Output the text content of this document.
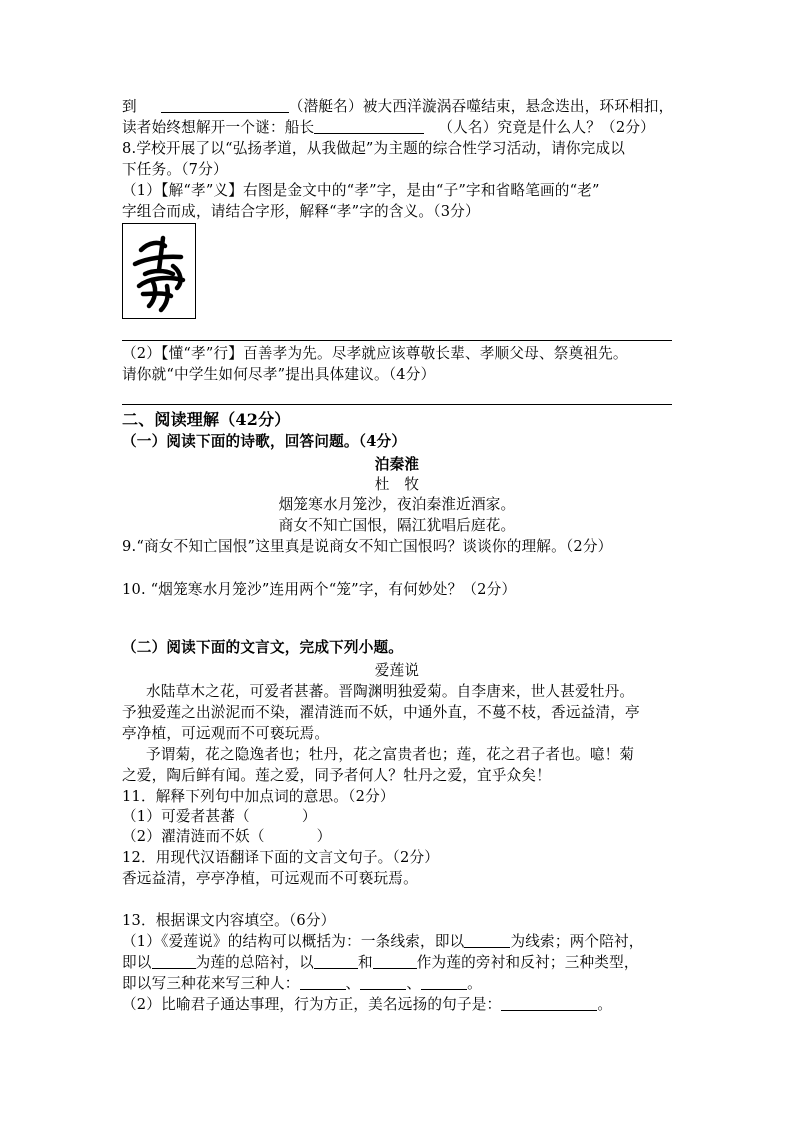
到	（潜艇名）被大西洋漩涡吞噬结束，悬念迭出，环环相扣，
读者始终想解开一个谜：船长	（人名）究竟是什么人？（2分）
8.学校开展了以“弘扬孝道，从我做起”为主题的综合性学习活动，请你完成以
下任务。（7分）
（1）【解“孝”义】右图是金文中的“孝”字，是由“子”字和省略笔画的“老”
字组合而成，请结合字形，解释“孝”字的含义。（3分）
（2）【懂“孝”行】百善孝为先。尽孝就应该尊敬长辈、孝顺父母、祭奠祖先。
请你就“中学生如何尽孝”提出具体建议。（4分）
二、阅读理解（42分）
（一）阅读下面的诗歌，回答问题。（4分）
泊秦淮
杜　牧
烟笼寒水月笼沙，夜泊秦淮近酒家。
商女不知亡国恨，隔江犹唱后庭花。
9.“商女不知亡国恨”这里真是说商女不知亡国恨吗？谈谈你的理解。（2分）
10. “烟笼寒水月笼沙”连用两个“笼”字，有何妙处？（2分）
（二）阅读下面的文言文，完成下列小题。
爱莲说
水陆草木之花，可爱者甚蕃。晋陶渊明独爱菊。自李唐来，世人甚爱牡丹。
予独爱莲之出淤泥而不染，濯清涟而不妖，中通外直，不蔓不枝，香远益清，亭
亭净植，可远观而不可亵玩焉。
予谓菊，花之隐逸者也；牡丹，花之富贵者也；莲，花之君子者也。噫！菊
之爱，陶后鲜有闻。莲之爱，同予者何人？牡丹之爱，宜乎众矣！
11．解释下列句中加点词的意思。（2分）
（1）可爱者甚蕃（	）
（2）濯清涟而不妖（	）
12．用现代汉语翻译下面的文言文句子。（2分）
香远益清，亭亭净植，可远观而不可亵玩焉。
13．根据课文内容填空。（6分）
（1）《爱莲说》的结构可以概括为：一条线索，即以	为线索；两个陪衬，
即以	为莲的总陪衬，以	和	作为莲的旁衬和反衬；三种类型，
即以写三种花来写三种人：	、	、	。
（2）比喻君子通达事理，行为方正，美名远扬的句子是：	。
